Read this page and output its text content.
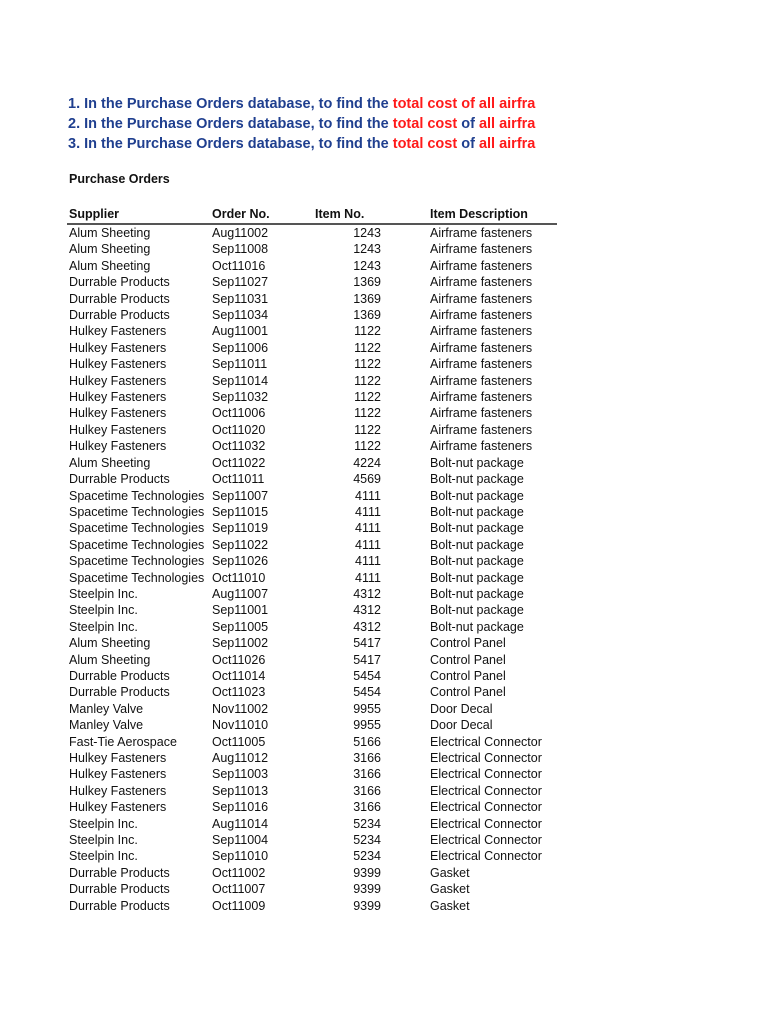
1. In the Purchase Orders database, to find the total cost of all airfra
2. In the Purchase Orders database, to find the total cost of all airfra
3. In the Purchase Orders database, to find the total cost of all airfra
Purchase Orders
Supplier	Order No.	Item No.	Item Description
Alum Sheeting	Aug11002	1243	Airframe fasteners
Alum Sheeting	Sep11008	1243	Airframe fasteners
Alum Sheeting	Oct11016	1243	Airframe fasteners
Durrable Products	Sep11027	1369	Airframe fasteners
Durrable Products	Sep11031	1369	Airframe fasteners
Durrable Products	Sep11034	1369	Airframe fasteners
Hulkey Fasteners	Aug11001	1122	Airframe fasteners
Hulkey Fasteners	Sep11006	1122	Airframe fasteners
Hulkey Fasteners	Sep11011	1122	Airframe fasteners
Hulkey Fasteners	Sep11014	1122	Airframe fasteners
Hulkey Fasteners	Sep11032	1122	Airframe fasteners
Hulkey Fasteners	Oct11006	1122	Airframe fasteners
Hulkey Fasteners	Oct11020	1122	Airframe fasteners
Hulkey Fasteners	Oct11032	1122	Airframe fasteners
Alum Sheeting	Oct11022	4224	Bolt-nut package
Durrable Products	Oct11011	4569	Bolt-nut package
Spacetime Technologies	Sep11007	4111	Bolt-nut package
Spacetime Technologies	Sep11015	4111	Bolt-nut package
Spacetime Technologies	Sep11019	4111	Bolt-nut package
Spacetime Technologies	Sep11022	4111	Bolt-nut package
Spacetime Technologies	Sep11026	4111	Bolt-nut package
Spacetime Technologies	Oct11010	4111	Bolt-nut package
Steelpin Inc.	Aug11007	4312	Bolt-nut package
Steelpin Inc.	Sep11001	4312	Bolt-nut package
Steelpin Inc.	Sep11005	4312	Bolt-nut package
Alum Sheeting	Sep11002	5417	Control Panel
Alum Sheeting	Oct11026	5417	Control Panel
Durrable Products	Oct11014	5454	Control Panel
Durrable Products	Oct11023	5454	Control Panel
Manley Valve	Nov11002	9955	Door Decal
Manley Valve	Nov11010	9955	Door Decal
Fast-Tie Aerospace	Oct11005	5166	Electrical Connector
Hulkey Fasteners	Aug11012	3166	Electrical Connector
Hulkey Fasteners	Sep11003	3166	Electrical Connector
Hulkey Fasteners	Sep11013	3166	Electrical Connector
Hulkey Fasteners	Sep11016	3166	Electrical Connector
Steelpin Inc.	Aug11014	5234	Electrical Connector
Steelpin Inc.	Sep11004	5234	Electrical Connector
Steelpin Inc.	Sep11010	5234	Electrical Connector
Durrable Products	Oct11002	9399	Gasket
Durrable Products	Oct11007	9399	Gasket
Durrable Products	Oct11009	9399	Gasket
